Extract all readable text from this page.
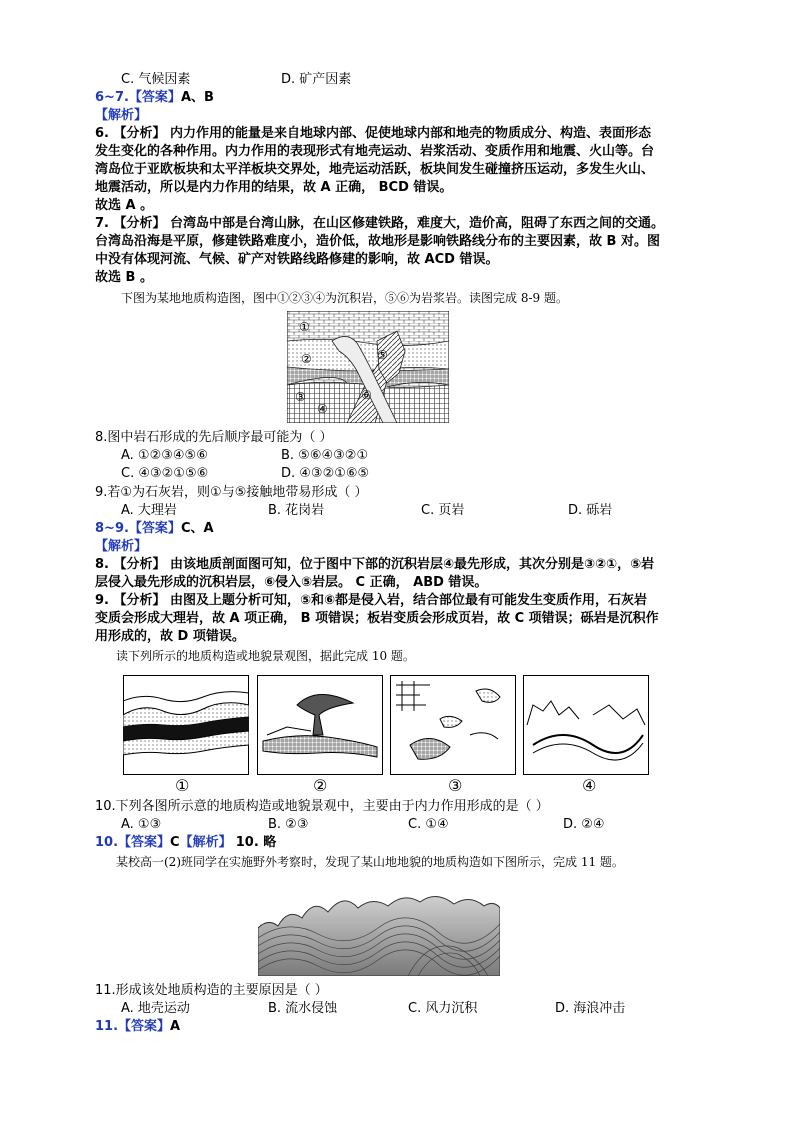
C. 气候因素	D. 矿产因素
6~7.【答案】A、B
【解析】
6. 【分析】 内力作用的能量是来自地球内部、促使地球内部和地壳的物质成分、构造、表面形态
发生变化的各种作用。内力作用的表现形式有地壳运动、岩浆活动、变质作用和地震、火山等。台
湾岛位于亚欧板块和太平洋板块交界处，地壳运动活跃，板块间发生碰撞挤压运动，多发生火山、
地震活动，所以是内力作用的结果，故 A 正确， BCD 错误。
故选 A 。
7. 【分析】 台湾岛中部是台湾山脉，在山区修建铁路，难度大，造价高，阻碍了东西之间的交通。
台湾岛沿海是平原，修建铁路难度小，造价低，故地形是影响铁路线分布的主要因素，故 B 对。图
中没有体现河流、气候、矿产对铁路线路修建的影响，故 ACD 错误。
故选 B 。
下图为某地地质构造图，图中①②③④为沉积岩，⑤⑥为岩浆岩。读图完成 8-9 题。
①
②
③
④
⑤
⑥
8.图中岩石形成的先后顺序最可能为（ ）
A. ①②③④⑤⑥	B. ⑤⑥④③②①
C. ④③②①⑤⑥	D. ④③②①⑥⑤
9.若①为石灰岩，则①与⑤接触地带易形成（ ）
A. 大理岩	B. 花岗岩	C. 页岩	D. 砾岩
8~9.【答案】C、A
【解析】
8. 【分析】 由该地质剖面图可知，位于图中下部的沉积岩层④最先形成，其次分别是③②①，⑤岩
层侵入最先形成的沉积岩层，⑥侵入⑤岩层。 C 正确， ABD 错误。
9. 【分析】 由图及上题分析可知，⑤和⑥都是侵入岩，结合部位最有可能发生变质作用，石灰岩
变质会形成大理岩，故 A 项正确， B 项错误；板岩变质会形成页岩，故 C 项错误；砾岩是沉积作
用形成的，故 D 项错误。
读下列所示的地质构造或地貌景观图，据此完成 10 题。
①	②	③	④
10.下列各图所示意的地质构造或地貌景观中，主要由于内力作用形成的是（ ）
A. ①③	B. ②③	C. ①④	D. ②④
10.【答案】C【解析】 10. 略
某校高一(2)班同学在实施野外考察时，发现了某山地地貌的地质构造如下图所示，完成 11 题。
11.形成该处地质构造的主要原因是（ ）
A. 地壳运动	B. 流水侵蚀	C. 风力沉积	D. 海浪冲击
11.【答案】A
